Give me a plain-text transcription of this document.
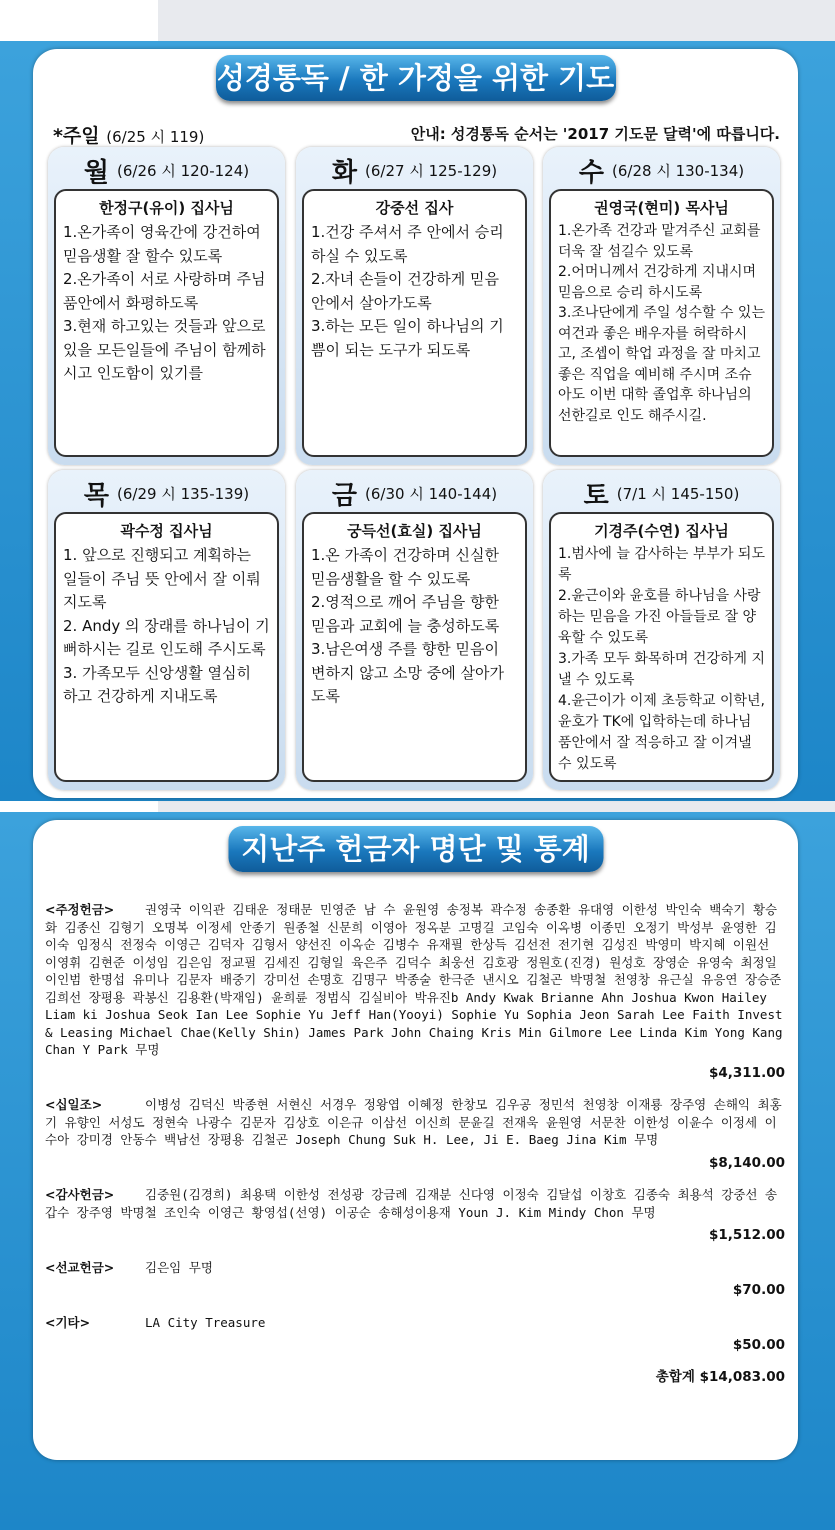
성경통독 / 한 가정을 위한 기도
*주일 (6/25 시 119)	안내: 성경통독 순서는 '2017 기도문 달력'에 따릅니다.
월 (6/26 시 120-124)
한정구(유이) 집사님
1.온가족이 영육간에 강건하여 믿음생활 잘 할수 있도록
2.온가족이 서로 사랑하며 주님 품안에서 화평하도록
3.현재 하고있는 것들과 앞으로 있을 모든일들에 주님이 함께하시고 인도함이 있기를
화 (6/27 시 125-129)
강중선 집사
1.건강 주셔서 주 안에서 승리하실 수 있도록
2.자녀 손들이 건강하게 믿음 안에서 살아가도록
3.하는 모든 일이 하나님의 기쁨이 되는 도구가 되도록
수 (6/28 시 130-134)
권영국(현미) 목사님
1.온가족 건강과 맡겨주신 교회를 더욱 잘 섬길수 있도록
2.어머니께서 건강하게 지내시며 믿음으로 승리 하시도록
3.조나단에게 주일 성수할 수 있는 여건과 좋은 배우자를 허락하시고, 조셉이 학업 과정을 잘 마치고 좋은 직업을 예비해 주시며 조슈아도 이번 대학 졸업후 하나님의 선한길로 인도 해주시길.
목 (6/29 시 135-139)
곽수정 집사님
1. 앞으로 진행되고 계획하는 일들이 주님 뜻 안에서 잘 이뤄지도록
2. Andy 의 장래를 하나님이 기뻐하시는 길로 인도해 주시도록
3. 가족모두 신앙생활 열심히 하고 건강하게 지내도록
금 (6/30 시 140-144)
궁득선(효실) 집사님
1.온 가족이 건강하며 신실한 믿음생활을 할 수 있도록
2.영적으로 깨어 주님을 향한 믿음과 교회에 늘 충성하도록
3.남은여생 주를 향한 믿음이 변하지 않고 소망 중에 살아가도록
토 (7/1 시 145-150)
기경주(수연) 집사님
1.범사에 늘 감사하는 부부가 되도록
2.윤근이와 윤호를 하나님을 사랑하는 믿음을 가진 아들들로 잘 양육할 수 있도록
3.가족 모두 화목하며 건강하게 지낼 수 있도록
4.윤근이가 이제 초등학교 이학년, 윤호가 TK에 입학하는데 하나님 품안에서 잘 적응하고 잘 이겨낼 수 있도록
지난주 헌금자 명단 및 통계
<주정헌금> 권영국 이익관 김태운 정태문 민영준 남 수 윤원영 송정복 곽수정 송종환 유대영 이한성 박인숙 백숙기 황승화 김종신 김형기 오명복 이정세 안종기 원종철 신문희 이영아 정옥분 고명길 고임숙 이옥병 이종민 오정기 박성부 윤영한 김이숙 임정식 전정숙 이영근 김덕자 김형서 양선진 이옥순 김병수 유재필 한상득 김선전 전기현 김성진 박영미 박지혜 이원선 이영휘 김현준 이성임 김은임 정교필 김세진 김형일 육은주 김덕수 최웅선 김호광 정원호(진경) 원성호 장영순 유영숙 최정일 이인범 한명섭 유미나 김문자 배중기 강미선 손명호 김명구 박종술 한극준 낸시오 김철곤 박명철 천영창 유근실 유응연 장승준 김희선 장평용 곽봉신 김용환(박재임) 윤희륜 정범식 김실비아 박유진b Andy Kwak Brianne Ahn Joshua Kwon Hailey Liam ki Joshua Seok Ian Lee Sophie Yu Jeff Han(Yooyi) Sophie Yu Sophia Jeon Sarah Lee Faith Invest & Leasing Michael Chae(Kelly Shin) James Park John Chaing Kris Min Gilmore Lee Linda Kim Yong Kang Chan Y Park 무명
$4,311.00
<십일조>	이병성 김덕신 박종현 서현신 서경우 정왕엽 이혜정 한창모 김우공 정민석 천영창 이재룡 장주영 손해익 최홍기 유향인 서성도 정현숙 나광수 김문자 김상호 이은규 이삼선 이신희 문윤길 전재욱 윤원영 서문찬 이한성 이윤수 이정세 이수아 강미경 안동수 백남선 장평용 김철곤 Joseph Chung Suk H. Lee, Ji E. Baeg Jina Kim 무명
$8,140.00
<감사헌금> 김중원(김경희) 최용택 이한성 전성광 강금례 김재분 신다영 이정숙 김달섭 이창호 김종숙 최용석 강중선 송갑수 장주영 박명철 조인숙 이영근 황영섭(선영) 이공순 송해성이용재 Youn J. Kim Mindy Chon 무명
$1,512.00
<선교헌금> 김은임 무명
$70.00
<기타>	LA City Treasure
$50.00
총합계 $14,083.00
